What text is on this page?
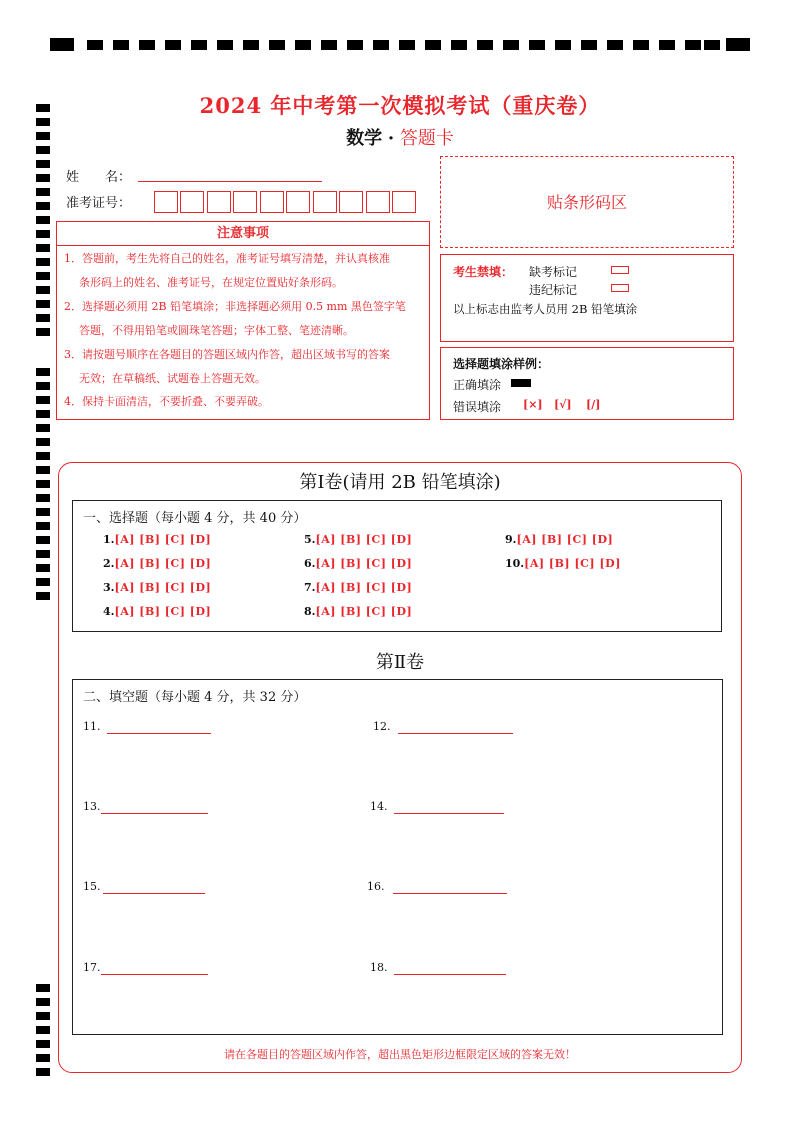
2024 年中考第一次模拟考试（重庆卷）
数学 · 答题卡
姓　　名：
准考证号：
注意事项
1．答题前，考生先将自己的姓名，准考证号填写清楚，并认真核准
条形码上的姓名、准考证号，在规定位置贴好条形码。
2．选择题必须用 2B 铅笔填涂；非选择题必须用 0.5 mm 黑色签字笔
答题，不得用铅笔或圆珠笔答题；字体工整、笔迹清晰。
3．请按题号顺序在各题目的答题区域内作答，超出区域书写的答案
无效；在草稿纸、试题卷上答题无效。
4．保持卡面清洁，不要折叠、不要弄破。
贴条形码区
考生禁填： 缺考标记
违纪标记
以上标志由监考人员用 2B 铅笔填涂
选择题填涂样例：
正确填涂
错误填涂 [×] [√] [/]
第Ⅰ卷(请用 2B 铅笔填涂)
一、选择题（每小题 4 分，共 40 分）
1.[A] [B] [C] [D]
2.[A] [B] [C] [D]
3.[A] [B] [C] [D]
4.[A] [B] [C] [D]
5.[A] [B] [C] [D]
6.[A] [B] [C] [D]
7.[A] [B] [C] [D]
8.[A] [B] [C] [D]
9.[A] [B] [C] [D]
10.[A] [B] [C] [D]
第Ⅱ卷
二、填空题（每小题 4 分，共 32 分）
11.	12.
13.	14.
15.	16.
17.	18.
请在各题目的答题区域内作答，超出黑色矩形边框限定区域的答案无效！
